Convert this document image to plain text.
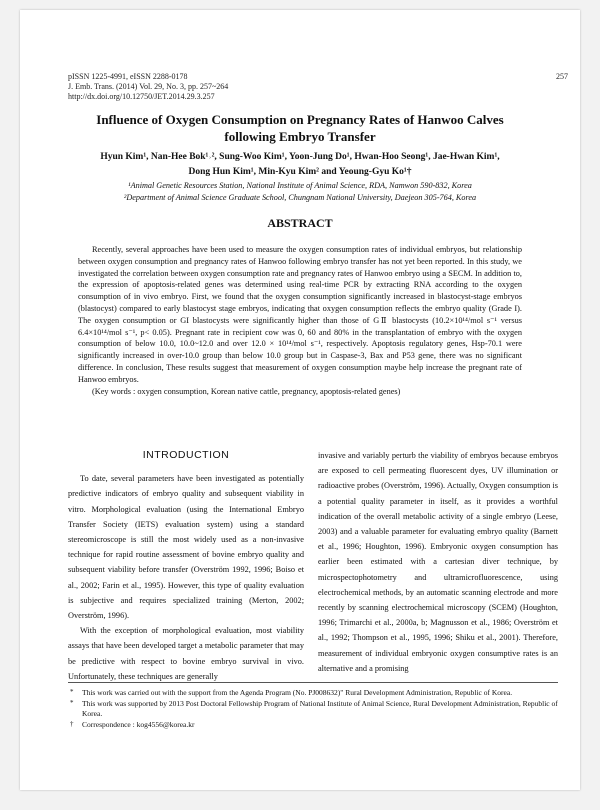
pISSN 1225-4991, eISSN 2288-0178
J. Emb. Trans. (2014) Vol. 29, No. 3, pp. 257~264
http://dx.doi.org/10.12750/JET.2014.29.3.257
257
Influence of Oxygen Consumption on Pregnancy Rates of Hanwoo Calves
following Embryo Transfer
Hyun Kim¹, Nan-Hee Bok¹˒², Sung-Woo Kim¹, Yoon-Jung Do¹, Hwan-Hoo Seong¹, Jae-Hwan Kim¹,
Dong Hun Kim¹, Min-Kyu Kim² and Yeoung-Gyu Ko¹†
¹Animal Genetic Resources Station, National Institute of Animal Science, RDA, Namwon 590-832, Korea
²Department of Animal Science Graduate School, Chungnam National University, Daejeon 305-764, Korea
ABSTRACT

Recently, several approaches have been used to measure the oxygen consumption rates of individual embryos, but relationship between oxygen consumption and pregnancy rates of Hanwoo following embryo transfer has not yet been reported. In this study, we investigated the correlation between oxygen consumption rate and pregnancy rates of Hanwoo embryo using a SECM. In addition to, the expression of apoptosis-related genes was determined using real-time PCR by extracting RNA according to the oxygen consumption of in vivo embryo. First, we found that the oxygen consumption significantly increased in blastocyst-stage embryos (blastocyst) compared to early blastocyst stage embryos, indicating that oxygen consumption reflects the embryo quality (Grade I). The oxygen consumption or GI blastocysts were significantly higher than those of GⅡ blastocysts (10.2×10¹⁴/mol s⁻¹ versus 6.4×10¹⁴/mol s⁻¹, p< 0.05). Pregnant rate in recipient cow was 0, 60 and 80% in the transplantation of embryo with the oxygen consumption of below 10.0, 10.0~12.0 and over 12.0 × 10¹⁴/mol s⁻¹, respectively. Apoptosis regulatory genes, Hsp-70.1 were significantly increased in over-10.0 group than below 10.0 group but in Caspase-3, Bax and P53 gene, there was no significant difference. In conclusion, These results suggest that measurement of oxygen consumption maybe help increase the pregnant rate of Hanwoo embryos.

(Key words : oxygen consumption, Korean native cattle, pregnancy, apoptosis-related genes)

INTRODUCTION

To date, several parameters have been investigated as potentially predictive indicators of embryo quality and subsequent viability in vitro. Morphological evaluation (using the International Embryo Transfer Society (IETS) evaluation system) using a standard stereomicroscope is still the most widely used as a non-invasive technique for rapid routine assessment of bovine embryo quality and subsequent viability before transfer (Overström 1992, 1996; Boiso et al., 2002; Farin et al., 1995). However, this type of quality evaluation is subjective and requires specialized training (Merton, 2002; Overström, 1996).

With the exception of morphological evaluation, most viability assays that have been developed target a metabolic parameter that may be predictive with respect to bovine embryo survival in vivo. Unfortunately, these techniques are generally

invasive and variably perturb the viability of embryos because embryos are exposed to cell permeating fluorescent dyes, UV illumination or radioactive probes (Overström, 1996). Actually, Oxygen consumption is a potential quality parameter in itself, as it provides a worthful indication of the overall metabolic activity of a single embryo (Leese, 2003) and a valuable parameter for evaluating embryo quality (Barnett et al., 1996; Houghton, 1996). Embryonic oxygen consumption has earlier been estimated with a cartesian diver technique, by microspectophotometry and ultramicrofluorescence, using electrochemical methods, by an automatic scanning electrode and more recently by scanning electrochemical microscopy (SCEM) (Houghton, 1996; Trimarchi et al., 2000a, b; Magnusson et al., 1986; Overström et al., 1992; Thompson et al., 1995, 1996; Shiku et al., 2001). Therefore, measurement of individual embryonic oxygen consumptive rates is an alternative and a promising

* This work was carried out with the support from the Agenda Program (No. PJ008632)" Rural Development Administration, Republic of Korea.
* This work was supported by 2013 Post Doctoral Fellowship Program of National Institute of Animal Science, Rural Development Administration, Republic of Korea.
† Correspondence : kog4556@korea.kr
